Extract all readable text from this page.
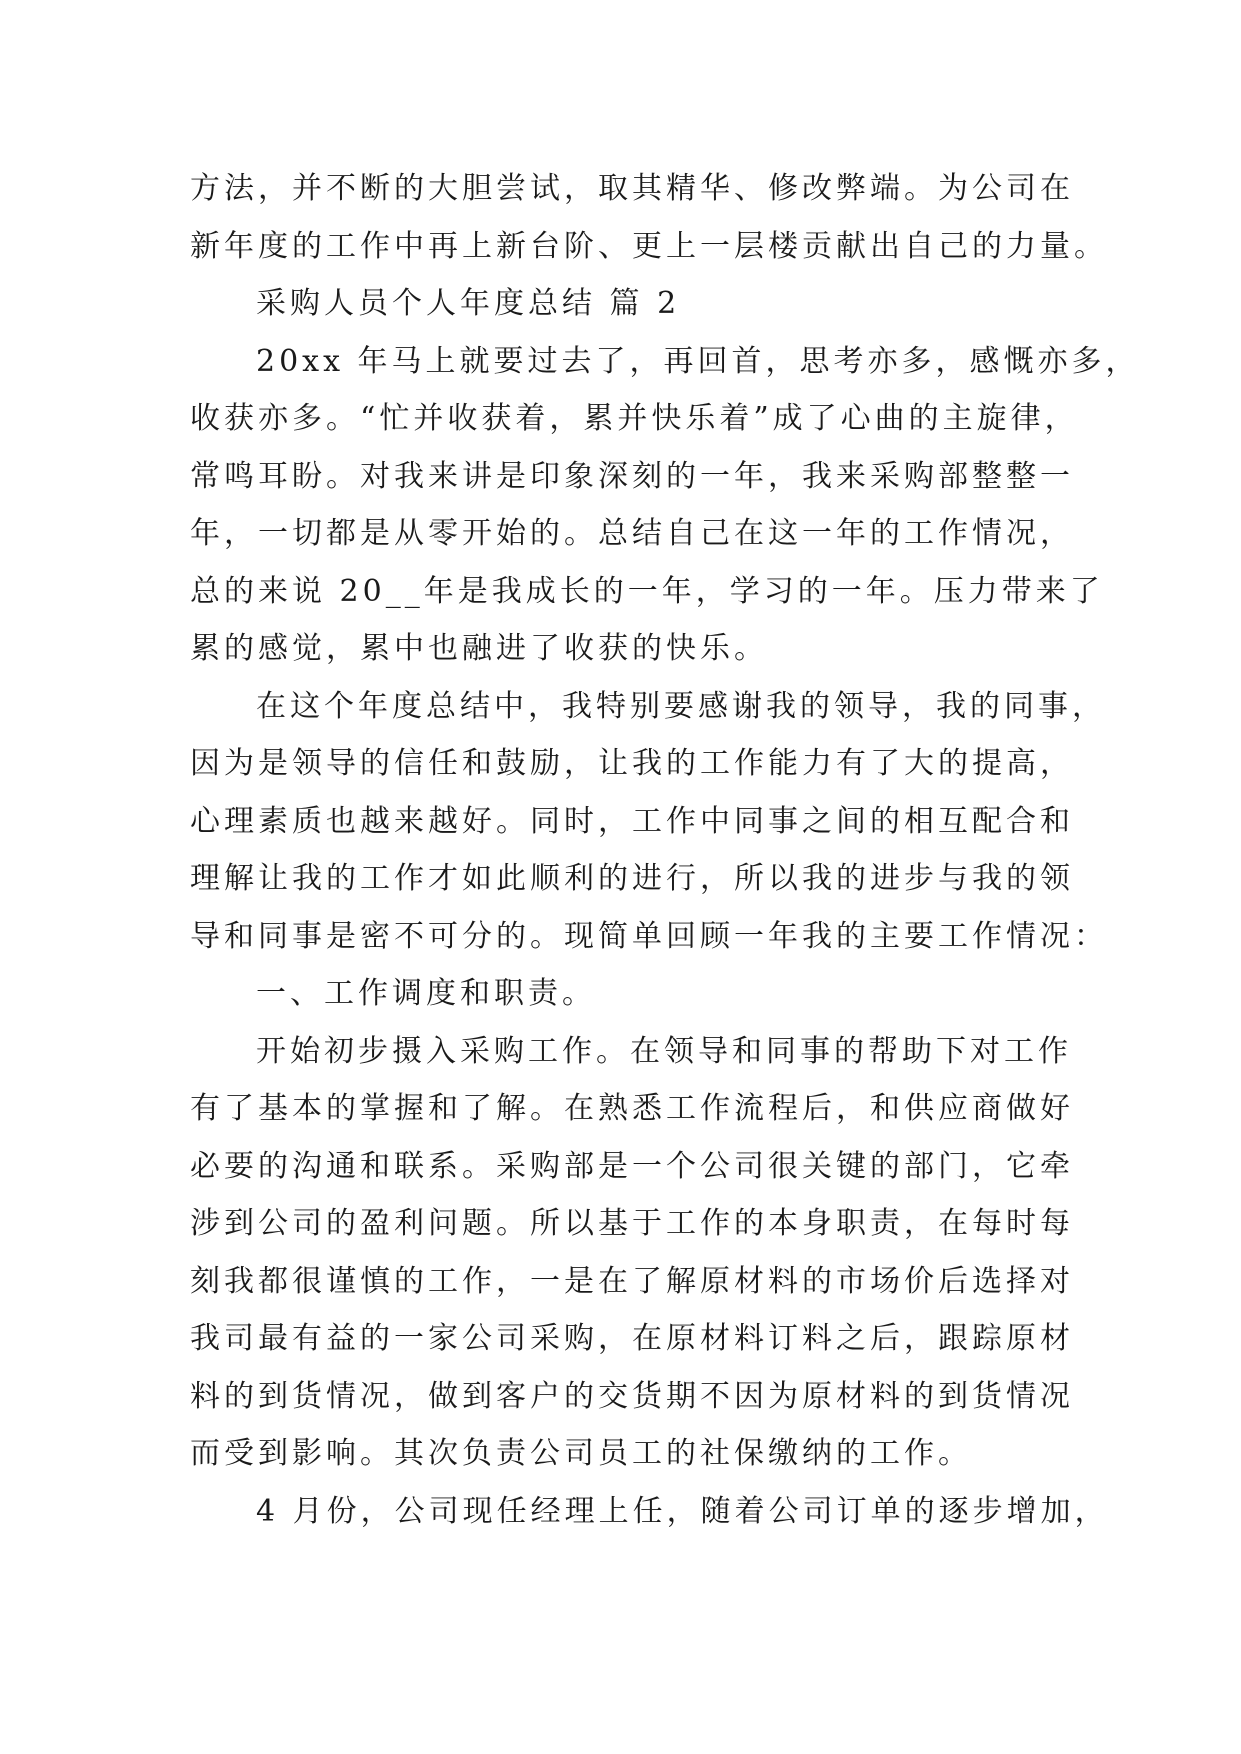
方法，并不断的大胆尝试，取其精华、修改弊端。为公司在
新年度的工作中再上新台阶、更上一层楼贡献出自己的力量。
采购人员个人年度总结 篇 2
20xx 年马上就要过去了，再回首，思考亦多，感慨亦多，
收获亦多。“忙并收获着，累并快乐着”成了心曲的主旋律，
常鸣耳盼。对我来讲是印象深刻的一年，我来采购部整整一
年，一切都是从零开始的。总结自己在这一年的工作情况，
总的来说 20__年是我成长的一年，学习的一年。压力带来了
累的感觉，累中也融进了收获的快乐。
在这个年度总结中，我特别要感谢我的领导，我的同事，
因为是领导的信任和鼓励，让我的工作能力有了大的提高，
心理素质也越来越好。同时，工作中同事之间的相互配合和
理解让我的工作才如此顺利的进行，所以我的进步与我的领
导和同事是密不可分的。现简单回顾一年我的主要工作情况：
一、工作调度和职责。
开始初步摄入采购工作。在领导和同事的帮助下对工作
有了基本的掌握和了解。在熟悉工作流程后，和供应商做好
必要的沟通和联系。采购部是一个公司很关键的部门，它牵
涉到公司的盈利问题。所以基于工作的本身职责，在每时每
刻我都很谨慎的工作，一是在了解原材料的市场价后选择对
我司最有益的一家公司采购，在原材料订料之后，跟踪原材
料的到货情况，做到客户的交货期不因为原材料的到货情况
而受到影响。其次负责公司员工的社保缴纳的工作。
4 月份，公司现任经理上任，随着公司订单的逐步增加，
